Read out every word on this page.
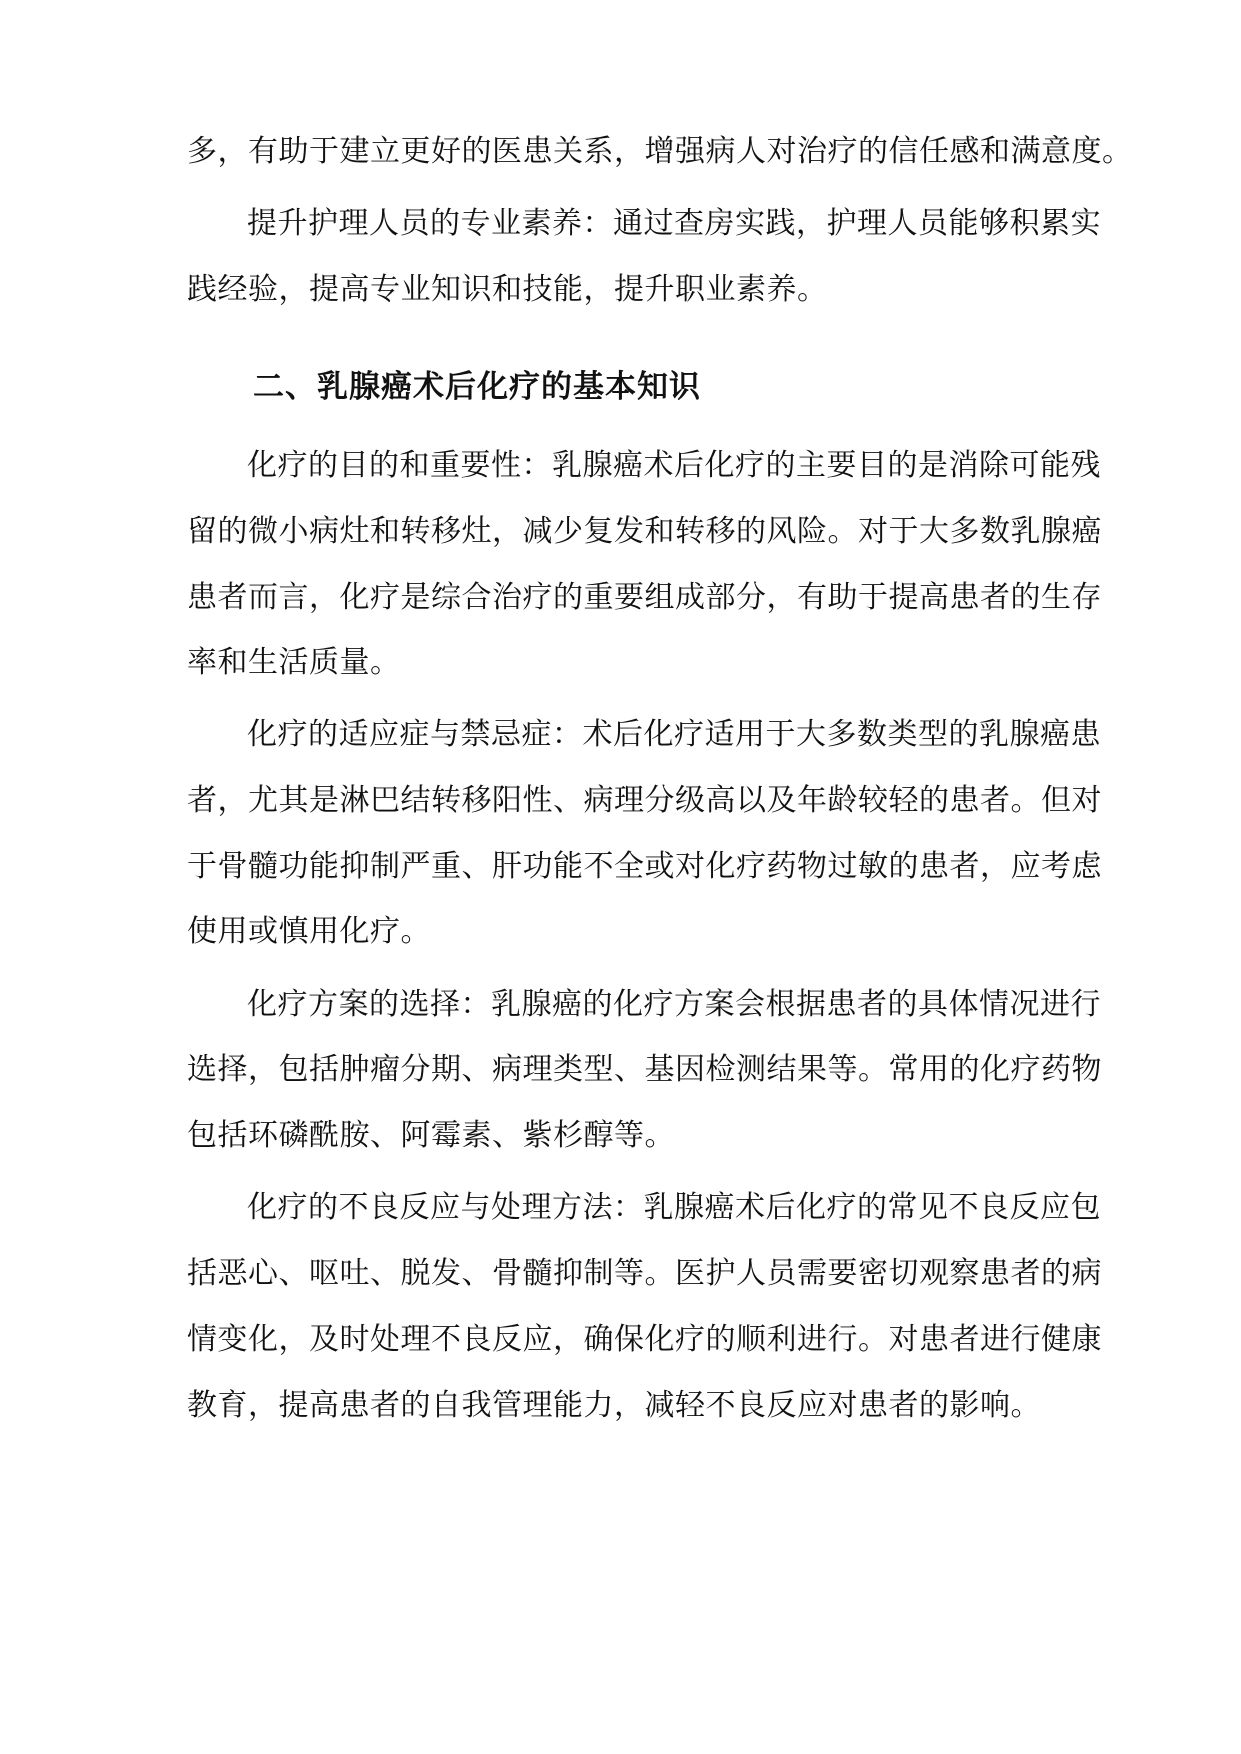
多，有助于建立更好的医患关系，增强病人对治疗的信任感和满意度。
提升护理人员的专业素养：通过查房实践，护理人员能够积累实
践经验，提高专业知识和技能，提升职业素养。
二、乳腺癌术后化疗的基本知识
化疗的目的和重要性：乳腺癌术后化疗的主要目的是消除可能残
留的微小病灶和转移灶，减少复发和转移的风险。对于大多数乳腺癌
患者而言，化疗是综合治疗的重要组成部分，有助于提高患者的生存
率和生活质量。
化疗的适应症与禁忌症：术后化疗适用于大多数类型的乳腺癌患
者，尤其是淋巴结转移阳性、病理分级高以及年龄较轻的患者。但对
于骨髓功能抑制严重、肝功能不全或对化疗药物过敏的患者，应考虑
使用或慎用化疗。
化疗方案的选择：乳腺癌的化疗方案会根据患者的具体情况进行
选择，包括肿瘤分期、病理类型、基因检测结果等。常用的化疗药物
包括环磷酰胺、阿霉素、紫杉醇等。
化疗的不良反应与处理方法：乳腺癌术后化疗的常见不良反应包
括恶心、呕吐、脱发、骨髓抑制等。医护人员需要密切观察患者的病
情变化，及时处理不良反应，确保化疗的顺利进行。对患者进行健康
教育，提高患者的自我管理能力，减轻不良反应对患者的影响。
